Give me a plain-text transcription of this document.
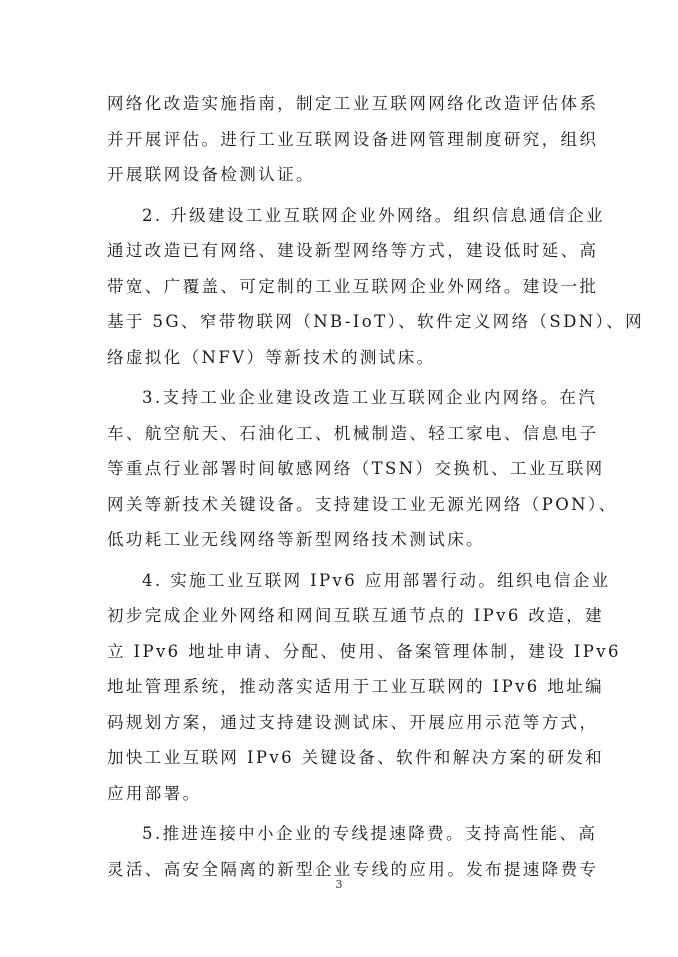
网络化改造实施指南，制定工业互联网网络化改造评估体系
并开展评估。进行工业互联网设备进网管理制度研究，组织
开展联网设备检测认证。

2. 升级建设工业互联网企业外网络。组织信息通信企业
通过改造已有网络、建设新型网络等方式，建设低时延、高
带宽、广覆盖、可定制的工业互联网企业外网络。建设一批
基于 5G、窄带物联网（NB-IoT）、软件定义网络（SDN）、网
络虚拟化（NFV）等新技术的测试床。

3.支持工业企业建设改造工业互联网企业内网络。在汽
车、航空航天、石油化工、机械制造、轻工家电、信息电子
等重点行业部署时间敏感网络（TSN）交换机、工业互联网
网关等新技术关键设备。支持建设工业无源光网络（PON）、
低功耗工业无线网络等新型网络技术测试床。

4. 实施工业互联网 IPv6 应用部署行动。组织电信企业
初步完成企业外网络和网间互联互通节点的 IPv6 改造，建
立 IPv6 地址申请、分配、使用、备案管理体制，建设 IPv6
地址管理系统，推动落实适用于工业互联网的 IPv6 地址编
码规划方案，通过支持建设测试床、开展应用示范等方式，
加快工业互联网 IPv6 关键设备、软件和解决方案的研发和
应用部署。

5.推进连接中小企业的专线提速降费。支持高性能、高
灵活、高安全隔离的新型企业专线的应用。发布提速降费专

3
